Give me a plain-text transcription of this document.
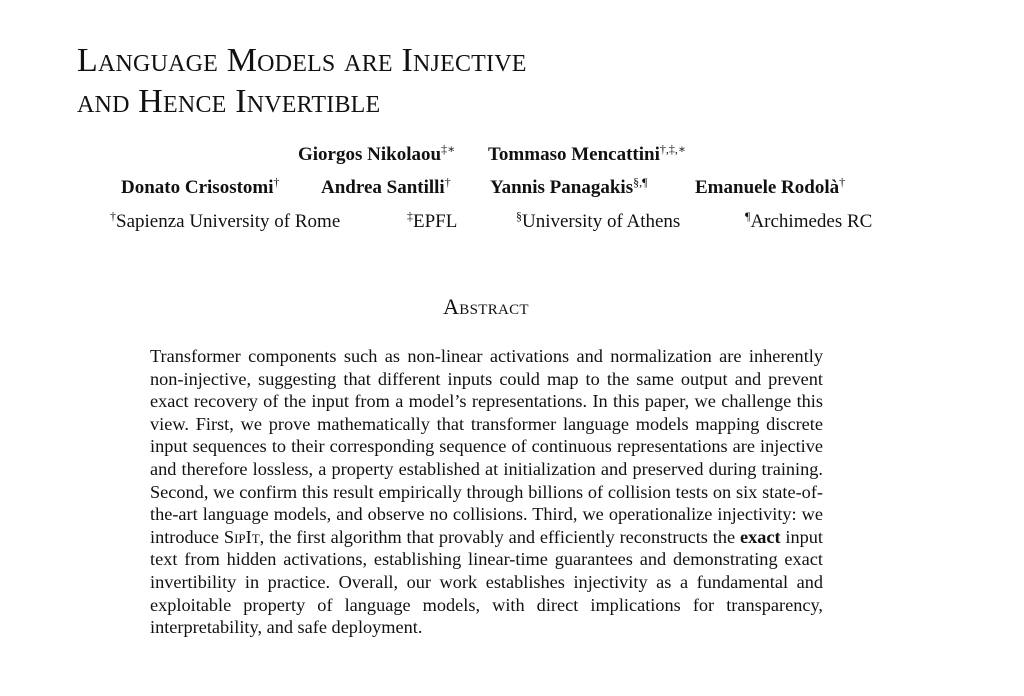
Language Models are Injective
and Hence Invertible
Giorgos Nikolaou‡∗ Tommaso Mencattini†,‡,∗
Donato Crisostomi† Andrea Santilli† Yannis Panagakis§,¶ Emanuele Rodolà†
†Sapienza University of Rome	‡EPFL	§University of Athens	¶Archimedes RC
Abstract

Transformer components such as non-linear activations and normalization are inherently non-injective, suggesting that different inputs could map to the same output and prevent exact recovery of the input from a model’s representations. In this paper, we challenge this view. First, we prove mathematically that transformer language models mapping discrete input sequences to their corresponding sequence of continuous representations are injective and therefore lossless, a property established at initialization and preserved during training. Second, we confirm this result empirically through billions of collision tests on six state-of-the-art language models, and observe no collisions. Third, we operationalize injectivity: we introduce SipIt, the first algorithm that provably and efficiently reconstructs the exact input text from hidden activations, establishing linear-time guarantees and demonstrating exact invertibility in practice. Overall, our work establishes injectivity as a fundamental and exploitable property of language models, with direct implications for transparency, interpretability, and safe deployment.
